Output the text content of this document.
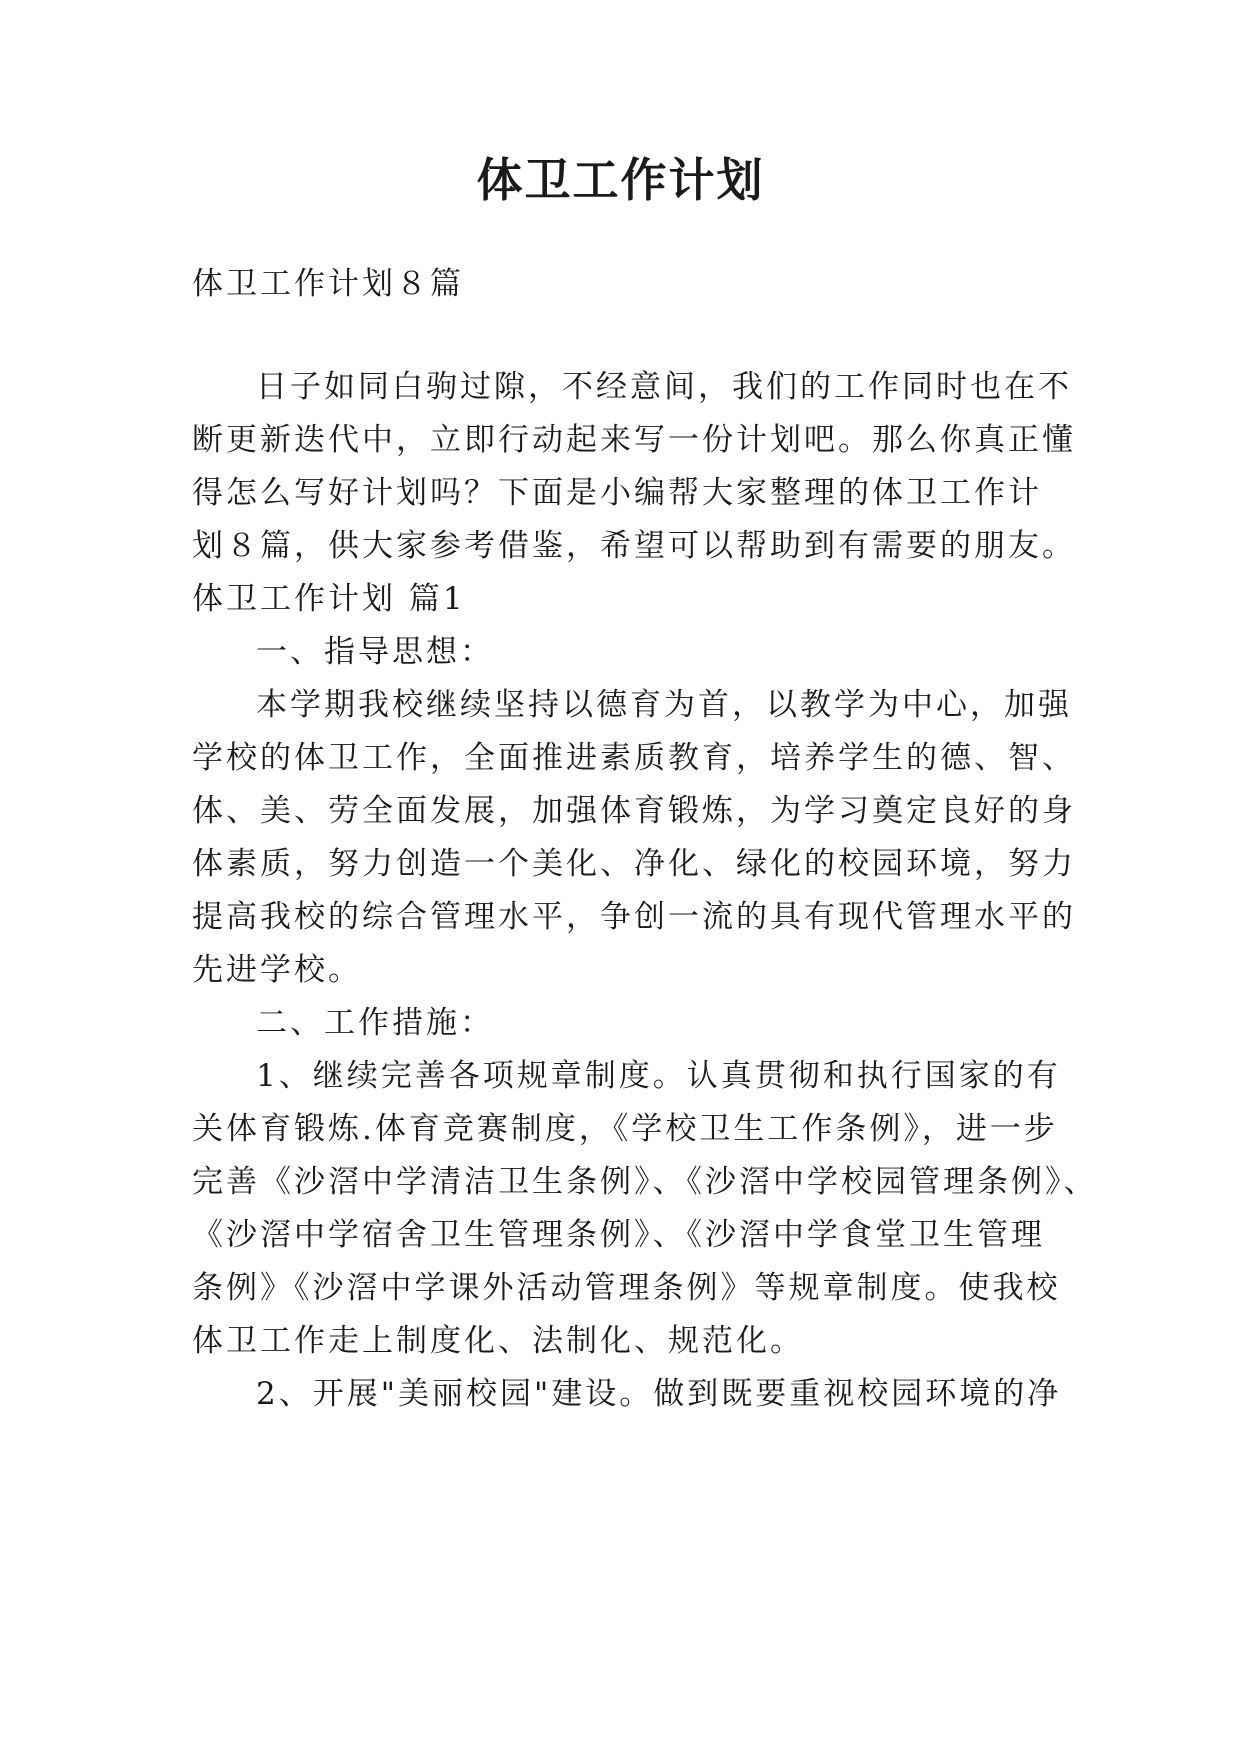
体卫工作计划

体卫工作计划８篇

日子如同白驹过隙，不经意间，我们的工作同时也在不

断更新迭代中，立即行动起来写一份计划吧。那么你真正懂

得怎么写好计划吗？下面是小编帮大家整理的体卫工作计

划８篇，供大家参考借鉴，希望可以帮助到有需要的朋友。

体卫工作计划 篇1

一、指导思想：

本学期我校继续坚持以德育为首，以教学为中心，加强

学校的体卫工作，全面推进素质教育，培养学生的德、智、

体、美、劳全面发展，加强体育锻炼，为学习奠定良好的身

体素质，努力创造一个美化、净化、绿化的校园环境，努力

提高我校的综合管理水平，争创一流的具有现代管理水平的

先进学校。

二、工作措施：

1、继续完善各项规章制度。认真贯彻和执行国家的有

关体育锻炼.体育竞赛制度，《学校卫生工作条例》，进一步

完善《沙滘中学清洁卫生条例》、《沙滘中学校园管理条例》、

《沙滘中学宿舍卫生管理条例》、《沙滘中学食堂卫生管理

条例》《沙滘中学课外活动管理条例》等规章制度。使我校

体卫工作走上制度化、法制化、规范化。

2、开展"美丽校园"建设。做到既要重视校园环境的净
